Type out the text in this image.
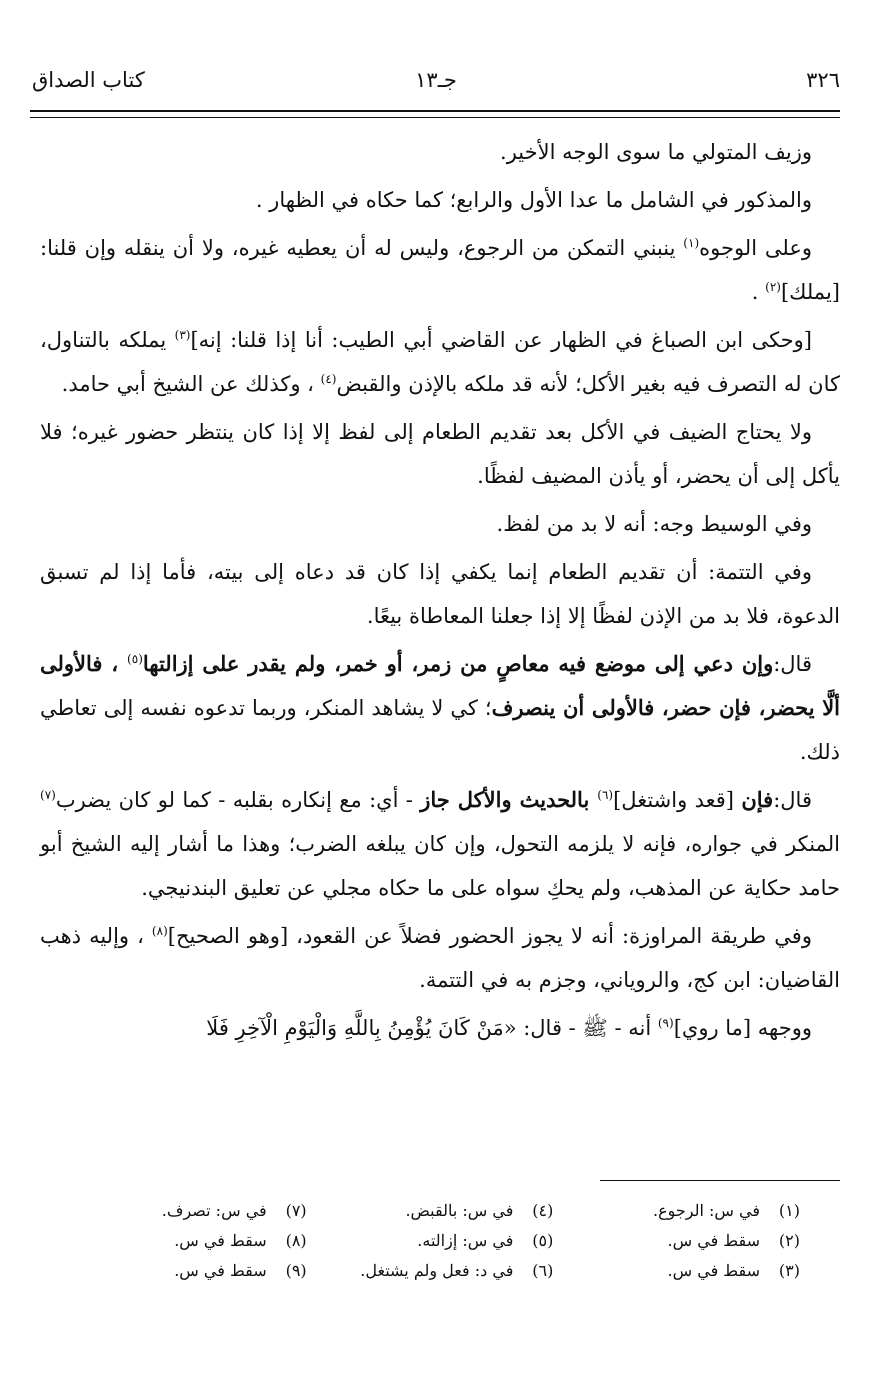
٣٢٦
جـ١٣
كتاب الصداق

وزيف المتولي ما سوى الوجه الأخير.

والمذكور في الشامل ما عدا الأول والرابع؛ كما حكاه في الظهار .

وعلى الوجوه$^{(١)}$ ينبني التمكن من الرجوع، وليس له أن يعطيه غيره، ولا أن ينقله وإن قلنا: [يملك]$^{(٢)}$ .

[وحكى ابن الصباغ في الظهار عن القاضي أبي الطيب: أنا إذا قلنا: إنه]$^{(٣)}$ يملكه بالتناول، كان له التصرف فيه بغير الأكل؛ لأنه قد ملكه بالإذن والقبض$^{(٤)}$ ، وكذلك عن الشيخ أبي حامد.

ولا يحتاج الضيف في الأكل بعد تقديم الطعام إلى لفظ إلا إذا كان ينتظر حضور غيره؛ فلا يأكل إلى أن يحضر، أو يأذن المضيف لفظًا.

وفي الوسيط وجه: أنه لا بد من لفظ.

وفي التتمة: أن تقديم الطعام إنما يكفي إذا كان قد دعاه إلى بيته، فأما إذا لم تسبق الدعوة، فلا بد من الإذن لفظًا إلا إذا جعلنا المعاطاة بيعًا.

قال:وإن دعي إلى موضع فيه معاصٍ من زمر، أو خمر، ولم يقدر على إزالتها$^{(٥)}$ ، فالأولى ألَّا يحضر، فإن حضر، فالأولى أن ينصرف؛ كي لا يشاهد المنكر، وربما تدعوه نفسه إلى تعاطي ذلك.

قال:فإن [قعد واشتغل]$^{(٦)}$ بالحديث والأكل جاز - أي: مع إنكاره بقلبه - كما لو كان يضرب$^{(٧)}$ المنكر في جواره، فإنه لا يلزمه التحول، وإن كان يبلغه الضرب؛ وهذا ما أشار إليه الشيخ أبو حامد حكاية عن المذهب، ولم يحكِ سواه على ما حكاه مجلي عن تعليق البندنيجي.

وفي طريقة المراوزة: أنه لا يجوز الحضور فضلاً عن القعود، [وهو الصحيح]$^{(٨)}$ ، وإليه ذهب القاضيان: ابن كج، والروياني، وجزم به في التتمة.

ووجهه [ما روي]$^{(٩)}$ أنه - ﷺ - قال: «مَنْ كَانَ يُؤْمِنُ بِاللَّهِ وَالْيَوْمِ الْآخِرِ فَلَا

(١)في س: الرجوع.
(٤)في س: بالقبض.
(٧)في س: تصرف.
(٢)سقط في س.
(٥)في س: إزالته.
(٨)سقط في س.
(٣)سقط في س.
(٦)في د: فعل ولم يشتغل.
(٩)سقط في س.
